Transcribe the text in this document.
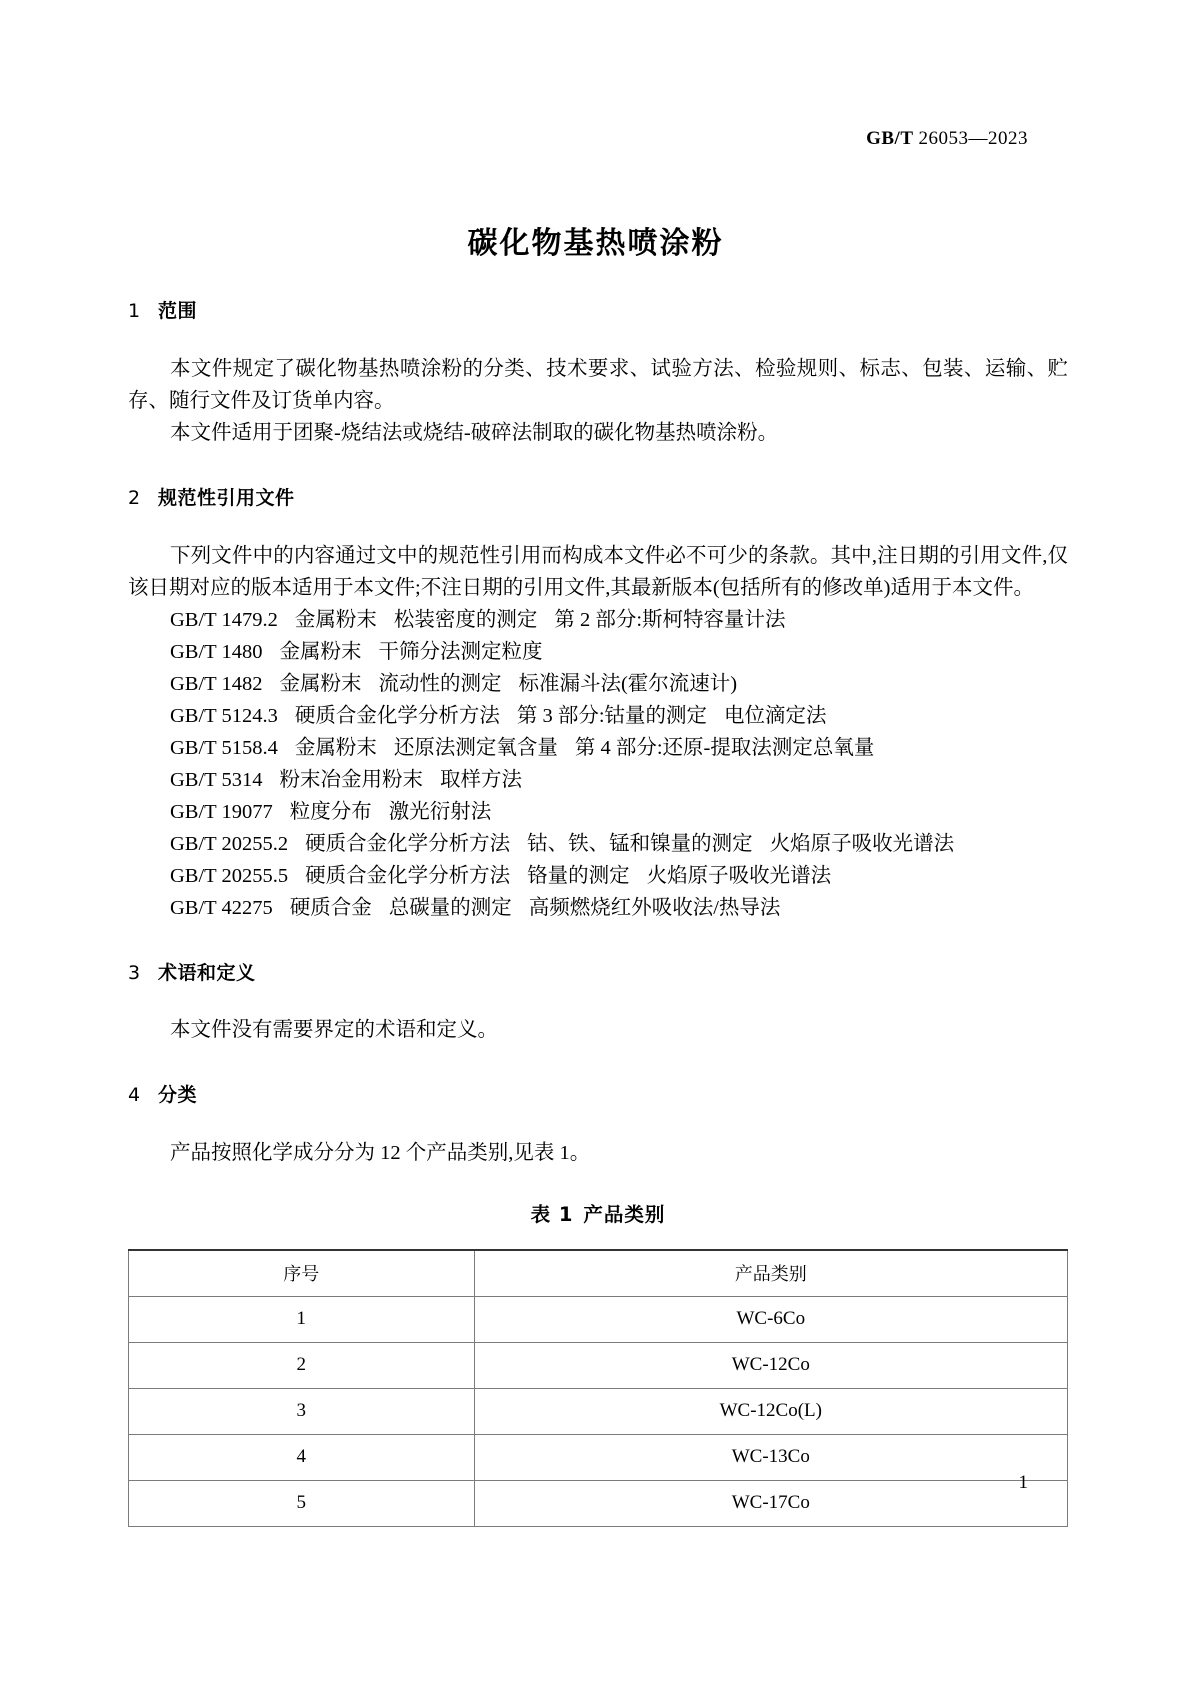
GB/T 26053—2023
碳化物基热喷涂粉
1 范围

本文件规定了碳化物基热喷涂粉的分类、技术要求、试验方法、检验规则、标志、包装、运输、贮存、随行文件及订货单内容。

本文件适用于团聚-烧结法或烧结-破碎法制取的碳化物基热喷涂粉。

2 规范性引用文件

下列文件中的内容通过文中的规范性引用而构成本文件必不可少的条款。其中,注日期的引用文件,仅该日期对应的版本适用于本文件;不注日期的引用文件,其最新版本(包括所有的修改单)适用于本文件。

GB/T 1479.2 金属粉末 松装密度的测定 第 2 部分:斯柯特容量计法
GB/T 1480 金属粉末 干筛分法测定粒度
GB/T 1482 金属粉末 流动性的测定 标准漏斗法(霍尔流速计)
GB/T 5124.3 硬质合金化学分析方法 第 3 部分:钴量的测定 电位滴定法
GB/T 5158.4 金属粉末 还原法测定氧含量 第 4 部分:还原-提取法测定总氧量
GB/T 5314 粉末冶金用粉末 取样方法
GB/T 19077 粒度分布 激光衍射法
GB/T 20255.2 硬质合金化学分析方法 钴、铁、锰和镍量的测定 火焰原子吸收光谱法
GB/T 20255.5 硬质合金化学分析方法 铬量的测定 火焰原子吸收光谱法
GB/T 42275 硬质合金 总碳量的测定 高频燃烧红外吸收法/热导法
3 术语和定义

本文件没有需要界定的术语和定义。

4 分类

产品按照化学成分分为 12 个产品类别,见表 1。

表 1 产品类别
序号	产品类别
1	WC-6Co
2	WC-12Co
3	WC-12Co(L)
4	WC-13Co
5	WC-17Co
1
